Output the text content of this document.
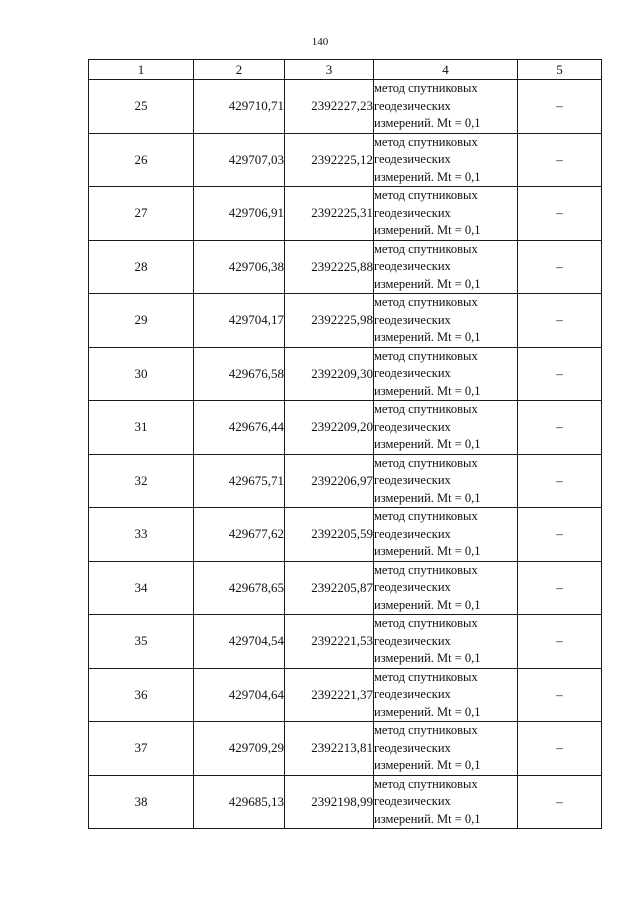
140
1	2	3	4	5
25	429710,71	2392227,23	метод спутниковых
геодезических
измерений. Mt = 0,1	–
26	429707,03	2392225,12	метод спутниковых
геодезических
измерений. Mt = 0,1	–
27	429706,91	2392225,31	метод спутниковых
геодезических
измерений. Mt = 0,1	–
28	429706,38	2392225,88	метод спутниковых
геодезических
измерений. Mt = 0,1	–
29	429704,17	2392225,98	метод спутниковых
геодезических
измерений. Mt = 0,1	–
30	429676,58	2392209,30	метод спутниковых
геодезических
измерений. Mt = 0,1	–
31	429676,44	2392209,20	метод спутниковых
геодезических
измерений. Mt = 0,1	–
32	429675,71	2392206,97	метод спутниковых
геодезических
измерений. Mt = 0,1	–
33	429677,62	2392205,59	метод спутниковых
геодезических
измерений. Mt = 0,1	–
34	429678,65	2392205,87	метод спутниковых
геодезических
измерений. Mt = 0,1	–
35	429704,54	2392221,53	метод спутниковых
геодезических
измерений. Mt = 0,1	–
36	429704,64	2392221,37	метод спутниковых
геодезических
измерений. Mt = 0,1	–
37	429709,29	2392213,81	метод спутниковых
геодезических
измерений. Mt = 0,1	–
38	429685,13	2392198,99	метод спутниковых
геодезических
измерений. Mt = 0,1	–
